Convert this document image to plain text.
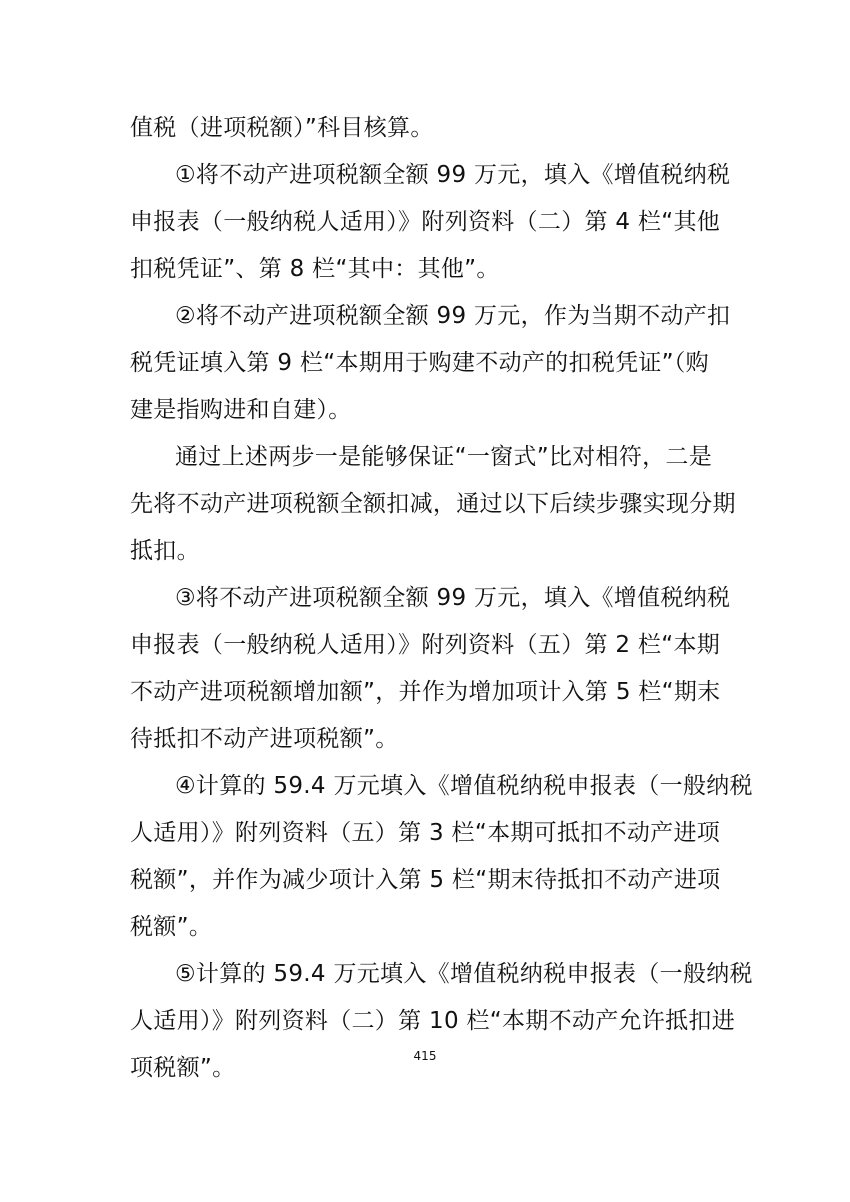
值税（进项税额）”科目核算。
①将不动产进项税额全额 99 万元，填入《增值税纳税
申报表（一般纳税人适用）》附列资料（二）第 4 栏“其他
扣税凭证”、第 8 栏“其中：其他”。
②将不动产进项税额全额 99 万元，作为当期不动产扣
税凭证填入第 9 栏“本期用于购建不动产的扣税凭证”（购
建是指购进和自建）。
通过上述两步一是能够保证“一窗式”比对相符，二是
先将不动产进项税额全额扣减，通过以下后续步骤实现分期
抵扣。
③将不动产进项税额全额 99 万元，填入《增值税纳税
申报表（一般纳税人适用）》附列资料（五）第 2 栏“本期
不动产进项税额增加额”，并作为增加项计入第 5 栏“期末
待抵扣不动产进项税额”。
④计算的 59.4 万元填入《增值税纳税申报表（一般纳税
人适用）》附列资料（五）第 3 栏“本期可抵扣不动产进项
税额”，并作为减少项计入第 5 栏“期末待抵扣不动产进项
税额”。
⑤计算的 59.4 万元填入《增值税纳税申报表（一般纳税
人适用）》附列资料（二）第 10 栏“本期不动产允许抵扣进
项税额”。	415
